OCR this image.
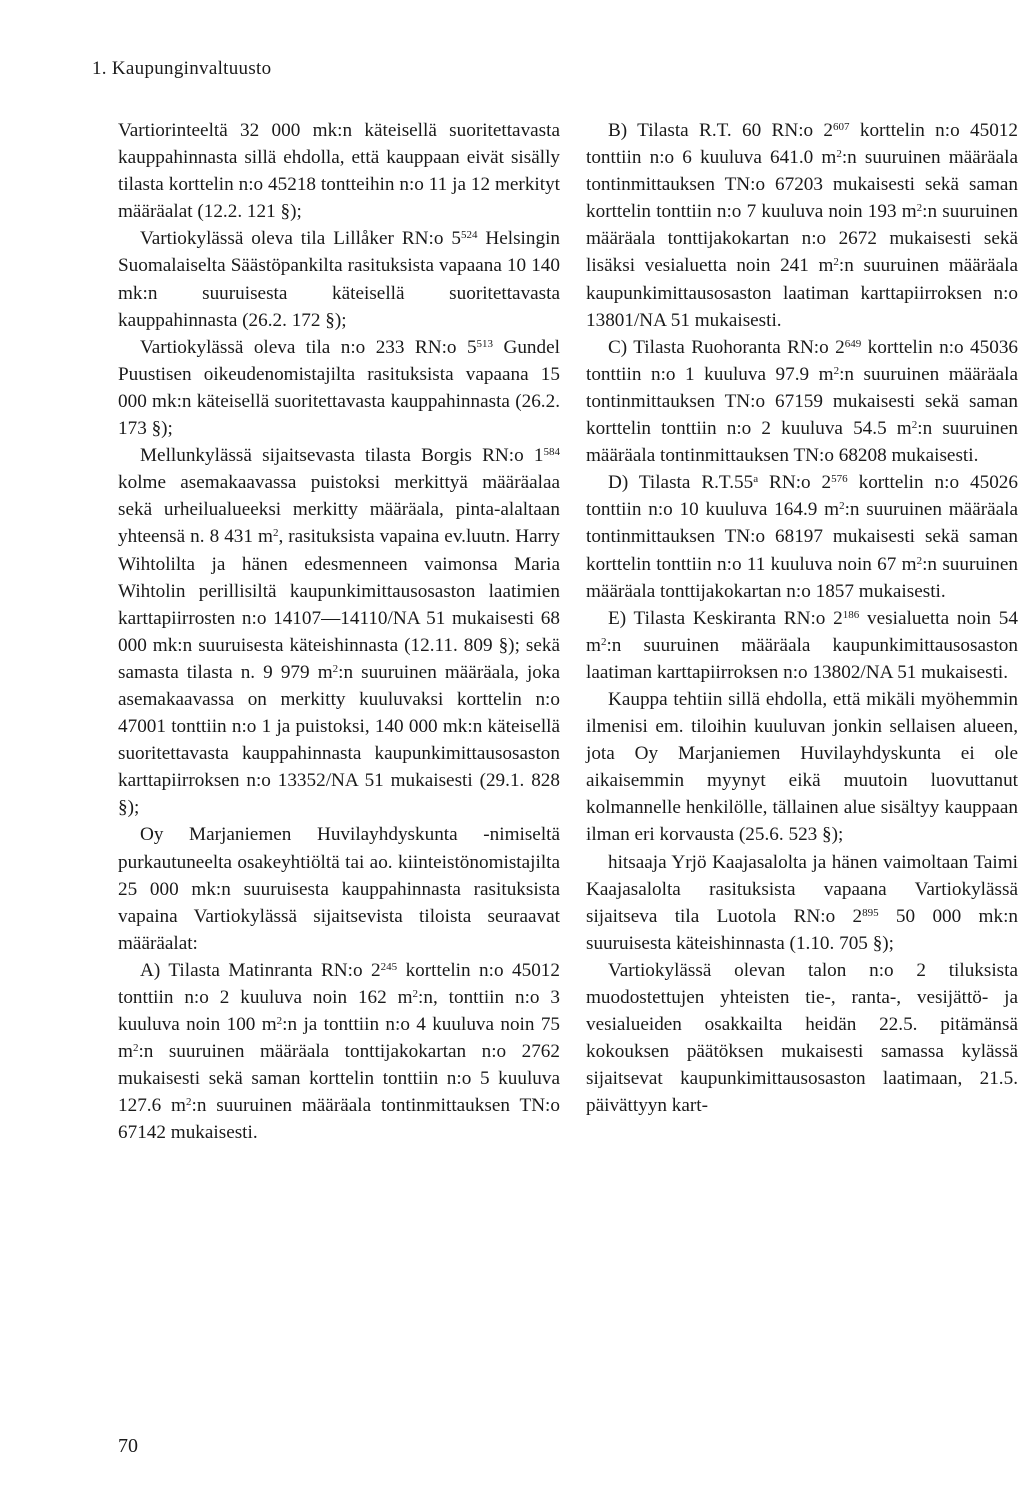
1. Kaupunginvaltuusto

Vartiorinteeltä 32 000 mk:n käteisellä suoritettavasta kauppahinnasta sillä ehdolla, että kauppaan eivät sisälly tilasta korttelin n:o 45218 tontteihin n:o 11 ja 12 merkityt määräalat (12.2. 121 §);

Vartiokylässä oleva tila Lillåker RN:o $5^{524}$ Helsingin Suomalaiselta Säästöpankilta rasituksista vapaana 10 140 mk:n suuruisesta käteisellä suoritettavasta kauppahinnasta (26.2. 172 §);

Vartiokylässä oleva tila n:o 233 RN:o $5^{513}$ Gundel Puustisen oikeudenomistajilta rasituksista vapaana 15 000 mk:n käteisellä suoritettavasta kauppahinnasta (26.2. 173 §);

Mellunkylässä sijaitsevasta tilasta Borgis RN:o $1^{584}$ kolme asemakaavassa puistoksi merkittyä määräalaa sekä urheilualueeksi merkitty määräala, pinta-alaltaan yhteensä n. 8 431 $m^2$, rasituksista vapaina ev.luutn. Harry Wihtolilta ja hänen edesmenneen vaimonsa Maria Wihtolin perillisiltä kaupunkimittausosaston laatimien karttapiirrosten n:o 14107—14110/NA 51 mukaisesti 68 000 mk:n suuruisesta käteishinnasta (12.11. 809 §); sekä samasta tilasta n. 9 979 $m^2:n$ suuruinen määräala, joka asemakaavassa on merkitty kuuluvaksi korttelin n:o 47001 tonttiin n:o 1 ja puistoksi, 140 000 mk:n käteisellä suoritettavasta kauppahinnasta kaupunkimittausosaston karttapiirroksen n:o 13352/NA 51 mukaisesti (29.1. 828 §);

Oy Marjaniemen Huvilayhdyskunta -nimiseltä purkautuneelta osakeyhtiöltä tai ao. kiinteistönomistajilta 25 000 mk:n suuruisesta kauppahinnasta rasituksista vapaina Vartiokylässä sijaitsevista tiloista seuraavat määräalat:

A) Tilasta Matinranta RN:o $2^{245}$ korttelin n:o 45012 tonttiin n:o 2 kuuluva noin 162 $m^2:n$, tonttiin n:o 3 kuuluva noin 100 $m^2:n$ ja tonttiin n:o 4 kuuluva noin 75 $m^2:n$ suuruinen määräala tonttijakokartan n:o 2762 mukaisesti sekä saman korttelin tonttiin n:o 5 kuuluva 127.6 $m^2:n$ suuruinen määräala tontinmittauksen TN:o 67142 mukaisesti.

B) Tilasta R.T. 60 RN:o $2^{607}$ korttelin n:o 45012 tonttiin n:o 6 kuuluva 641.0 $m^2:n$ suuruinen määräala tontinmittauksen TN:o 67203 mukaisesti sekä saman korttelin tonttiin n:o 7 kuuluva noin 193 $m^2:n$ suuruinen määräala tonttijakokartan n:o 2672 mukaisesti sekä lisäksi vesialuetta noin 241 $m^2:n$ suuruinen määräala kaupunkimittausosaston laatiman karttapiirroksen n:o 13801/NA 51 mukaisesti.

C) Tilasta Ruohoranta RN:o $2^{649}$ korttelin n:o 45036 tonttiin n:o 1 kuuluva 97.9 $m^2:n$ suuruinen määräala tontinmittauksen TN:o 67159 mukaisesti sekä saman korttelin tonttiin n:o 2 kuuluva 54.5 $m^2:n$ suuruinen määräala tontinmittauksen TN:o 68208 mukaisesti.

D) Tilasta R.T.55$^a$ RN:o $2^{576}$ korttelin n:o 45026 tonttiin n:o 10 kuuluva 164.9 $m^2:n$ suuruinen määräala tontinmittauksen TN:o 68197 mukaisesti sekä saman korttelin tonttiin n:o 11 kuuluva noin 67 $m^2:n$ suuruinen määräala tonttijakokartan n:o 1857 mukaisesti.

E) Tilasta Keskiranta RN:o $2^{186}$ vesialuetta noin 54 $m^2:n$ suuruinen määräala kaupunkimittausosaston laatiman karttapiirroksen n:o 13802/NA 51 mukaisesti.

Kauppa tehtiin sillä ehdolla, että mikäli myöhemmin ilmenisi em. tiloihin kuuluvan jonkin sellaisen alueen, jota Oy Marjaniemen Huvilayhdyskunta ei ole aikaisemmin myynyt eikä muutoin luovuttanut kolmannelle henkilölle, tällainen alue sisältyy kauppaan ilman eri korvausta (25.6. 523 §);

hitsaaja Yrjö Kaajasalolta ja hänen vaimoltaan Taimi Kaajasalolta rasituksista vapaana Vartiokylässä sijaitseva tila Luotola RN:o $2^{895}$ 50 000 mk:n suuruisesta käteishinnasta (1.10. 705 §);

Vartiokylässä olevan talon n:o 2 tiluksista muodostettujen yhteisten tie-, ranta-, vesijättö- ja vesialueiden osakkailta heidän 22.5. pitämänsä kokouksen päätöksen mukaisesti samassa kylässä sijaitsevat kaupunkimittausosaston laatimaan, 21.5. päivättyyn kart-

70
